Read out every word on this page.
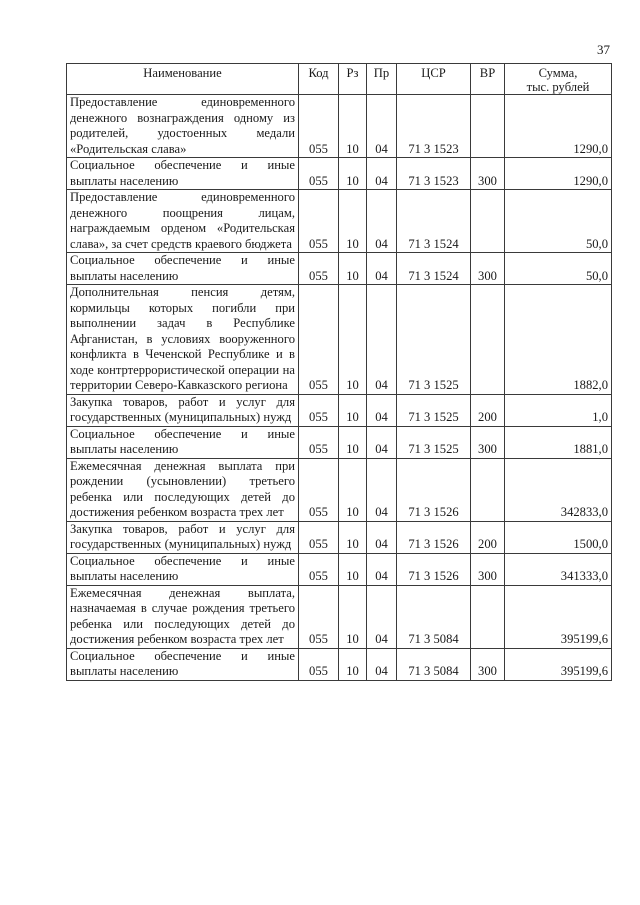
37
Наименование	Код	Рз	Пр	ЦСР	ВР	Сумма,
тыс. рублей
Предоставление единовременного денежного вознаграждения одному из родителей, удостоенных медали «Родительская слава»	055	10	04	71 3 1523		1290,0
Социальное обеспечение и иные выплаты населению	055	10	04	71 3 1523	300	1290,0
Предоставление единовременного денежного поощрения лицам, награждаемым орденом «Родительская слава», за счет средств краевого бюджета	055	10	04	71 3 1524		50,0
Социальное обеспечение и иные выплаты населению	055	10	04	71 3 1524	300	50,0
Дополнительная пенсия детям, кормильцы которых погибли при выполнении задач в Республике Афганистан, в условиях вооруженного конфликта в Чеченской Республике и в ходе контртеррористической операции на территории Северо-Кавказского региона	055	10	04	71 3 1525		1882,0
Закупка товаров, работ и услуг для государственных (муниципальных) нужд	055	10	04	71 3 1525	200	1,0
Социальное обеспечение и иные выплаты населению	055	10	04	71 3 1525	300	1881,0
Ежемесячная денежная выплата при рождении (усыновлении) третьего ребенка или последующих детей до достижения ребенком возраста трех лет	055	10	04	71 3 1526		342833,0
Закупка товаров, работ и услуг для государственных (муниципальных) нужд	055	10	04	71 3 1526	200	1500,0
Социальное обеспечение и иные выплаты населению	055	10	04	71 3 1526	300	341333,0
Ежемесячная денежная выплата, назначаемая в случае рождения третьего ребенка или последующих детей до достижения ребенком возраста трех лет	055	10	04	71 3 5084		395199,6
Социальное обеспечение и иные выплаты населению	055	10	04	71 3 5084	300	395199,6
